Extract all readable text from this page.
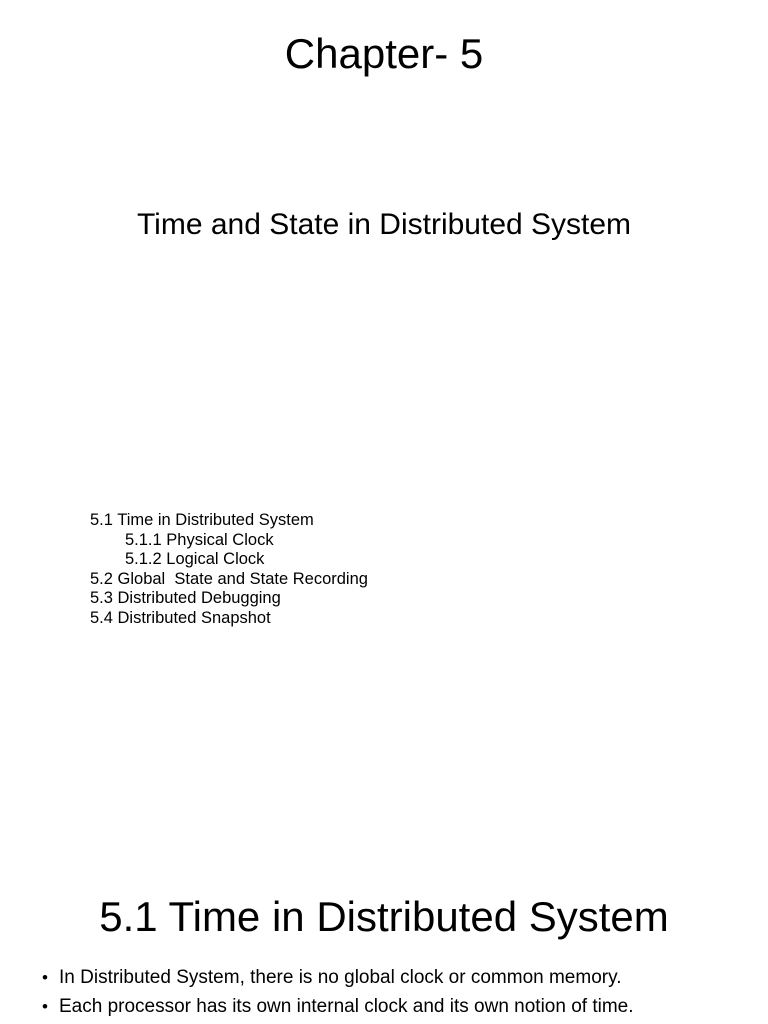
Chapter- 5
Time and State in Distributed System
5.1 Time in Distributed System
5.1.1 Physical Clock
5.1.2 Logical Clock
5.2 Global  State and State Recording
5.3 Distributed Debugging
5.4 Distributed Snapshot
5.1 Time in Distributed System
• In Distributed System, there is no global clock or common memory.
• Each processor has its own internal clock and its own notion of time.
